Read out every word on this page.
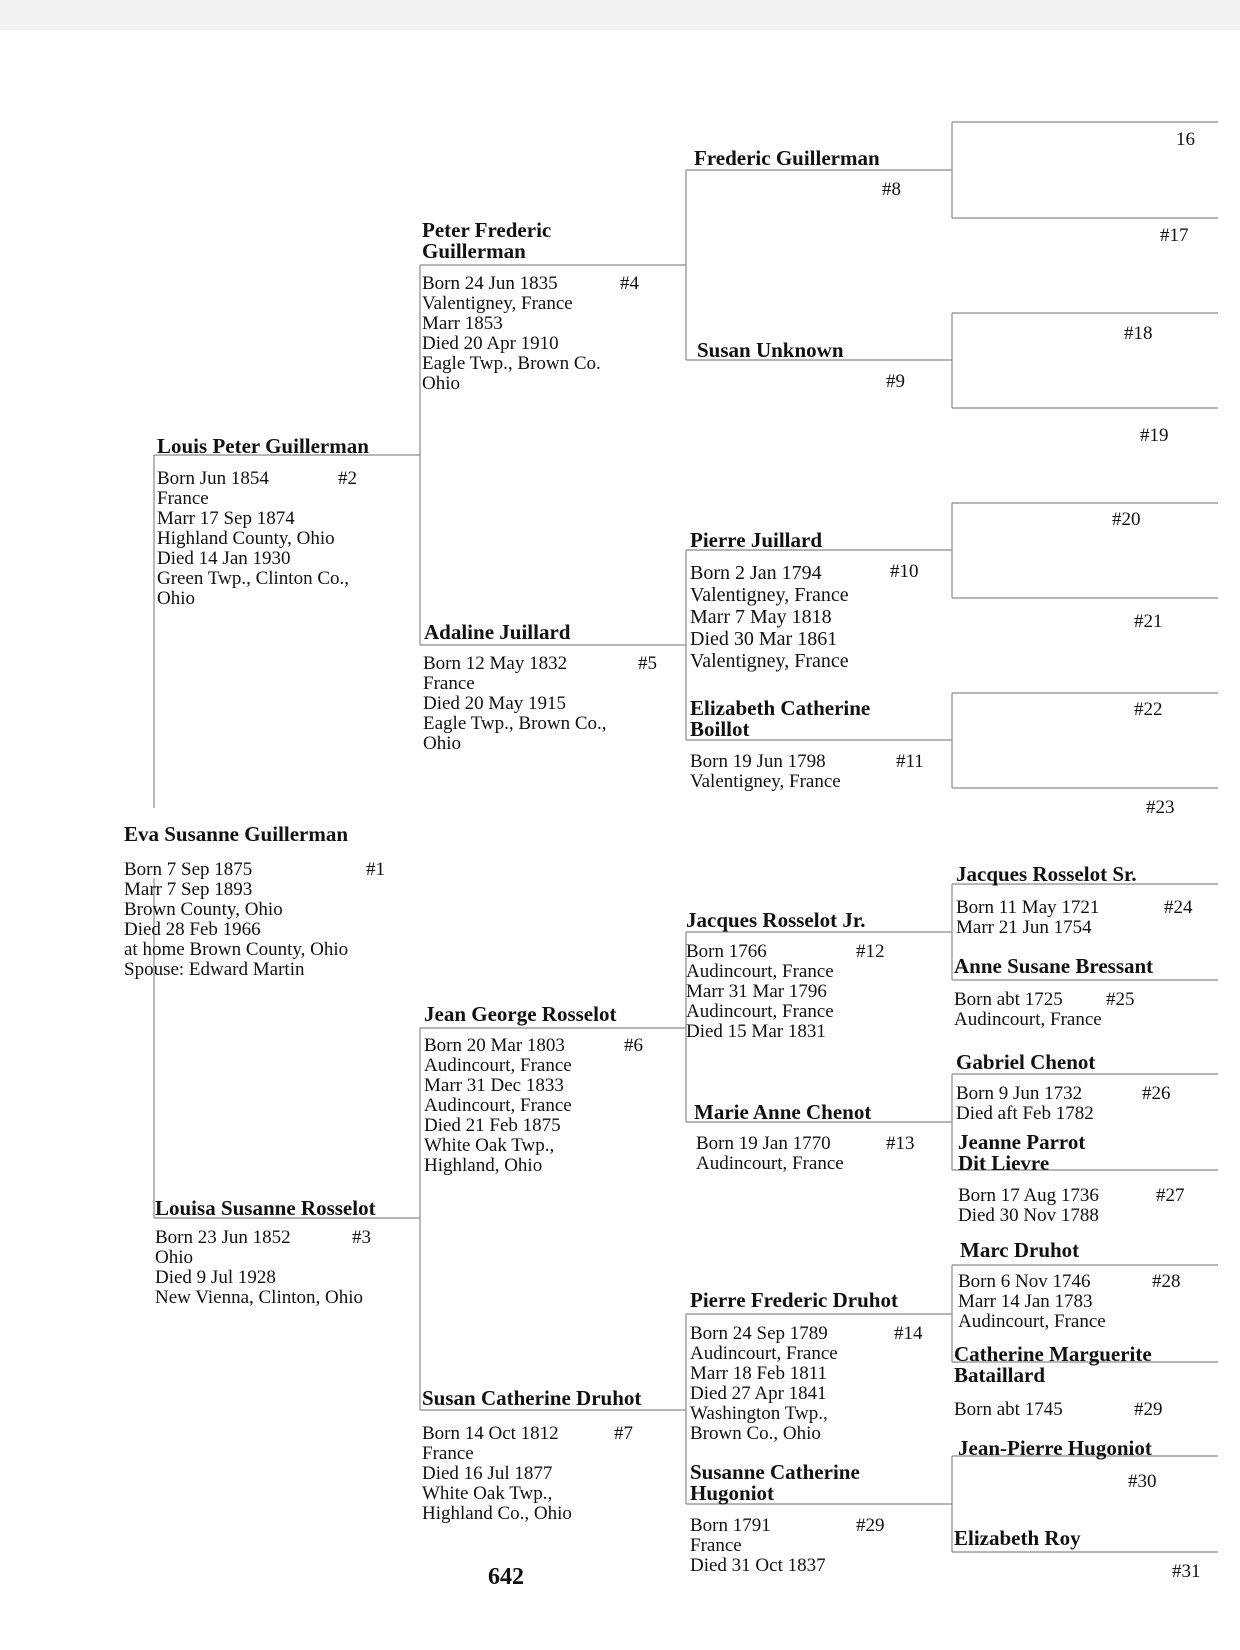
Eva Susanne Guillerman
#1
Born 7 Sep 1875
Marr 7 Sep 1893
Brown County, Ohio
Died 28 Feb 1966
at home Brown County, Ohio
Spouse: Edward Martin
Louis Peter Guillerman
#2
Born Jun 1854
France
Marr 17 Sep 1874
Highland County, Ohio
Died 14 Jan 1930
Green Twp., Clinton Co.,
Ohio
Louisa Susanne Rosselot
#3
Born 23 Jun 1852
Ohio
Died 9 Jul 1928
New Vienna, Clinton, Ohio
Peter Frederic
Guillerman
#4
Born 24 Jun 1835
Valentigney, France
Marr 1853
Died 20 Apr 1910
Eagle Twp., Brown Co.
Ohio
Adaline Juillard
#5
Born 12 May 1832
France
Died 20 May 1915
Eagle Twp., Brown Co.,
Ohio
Jean George Rosselot
#6
Born 20 Mar 1803
Audincourt, France
Marr 31 Dec 1833
Audincourt, France
Died 21 Feb 1875
White Oak Twp.,
Highland, Ohio
Susan Catherine Druhot
#7
Born 14 Oct 1812
France
Died 16 Jul 1877
White Oak Twp.,
Highland Co., Ohio
Frederic Guillerman
#8
Susan Unknown
#9
Pierre Juillard
#10
Born 2 Jan 1794
Valentigney, France
Marr 7 May 1818
Died 30 Mar 1861
Valentigney, France
Elizabeth Catherine
Boillot
#11
Born 19 Jun 1798
Valentigney, France
Jacques Rosselot Jr.
#12
Born 1766
Audincourt, France
Marr 31 Mar 1796
Audincourt, France
Died 15 Mar 1831
Marie Anne Chenot
#13
Born 19 Jan 1770
Audincourt, France
Pierre Frederic Druhot
#14
Born 24 Sep 1789
Audincourt, France
Marr 18 Feb 1811
Died 27 Apr 1841
Washington Twp.,
Brown Co., Ohio
Susanne Catherine
Hugoniot
#29
Born 1791
France
Died 31 Oct 1837
16
#17
#18
#19
#20
#21
#22
#23
Jacques Rosselot Sr.
#24
Born 11 May 1721
Marr 21 Jun 1754
Anne Susane Bressant
#25
Born abt 1725
Audincourt, France
Gabriel Chenot
#26
Born 9 Jun 1732
Died aft Feb 1782
Jeanne Parrot
Dit Lievre
#27
Born 17 Aug 1736
Died 30 Nov 1788
Marc Druhot
#28
Born 6 Nov 1746
Marr 14 Jan 1783
Audincourt, France
Catherine Marguerite
Bataillard
#29
Born abt 1745
Jean-Pierre Hugoniot
#30
Elizabeth Roy
#31
642
